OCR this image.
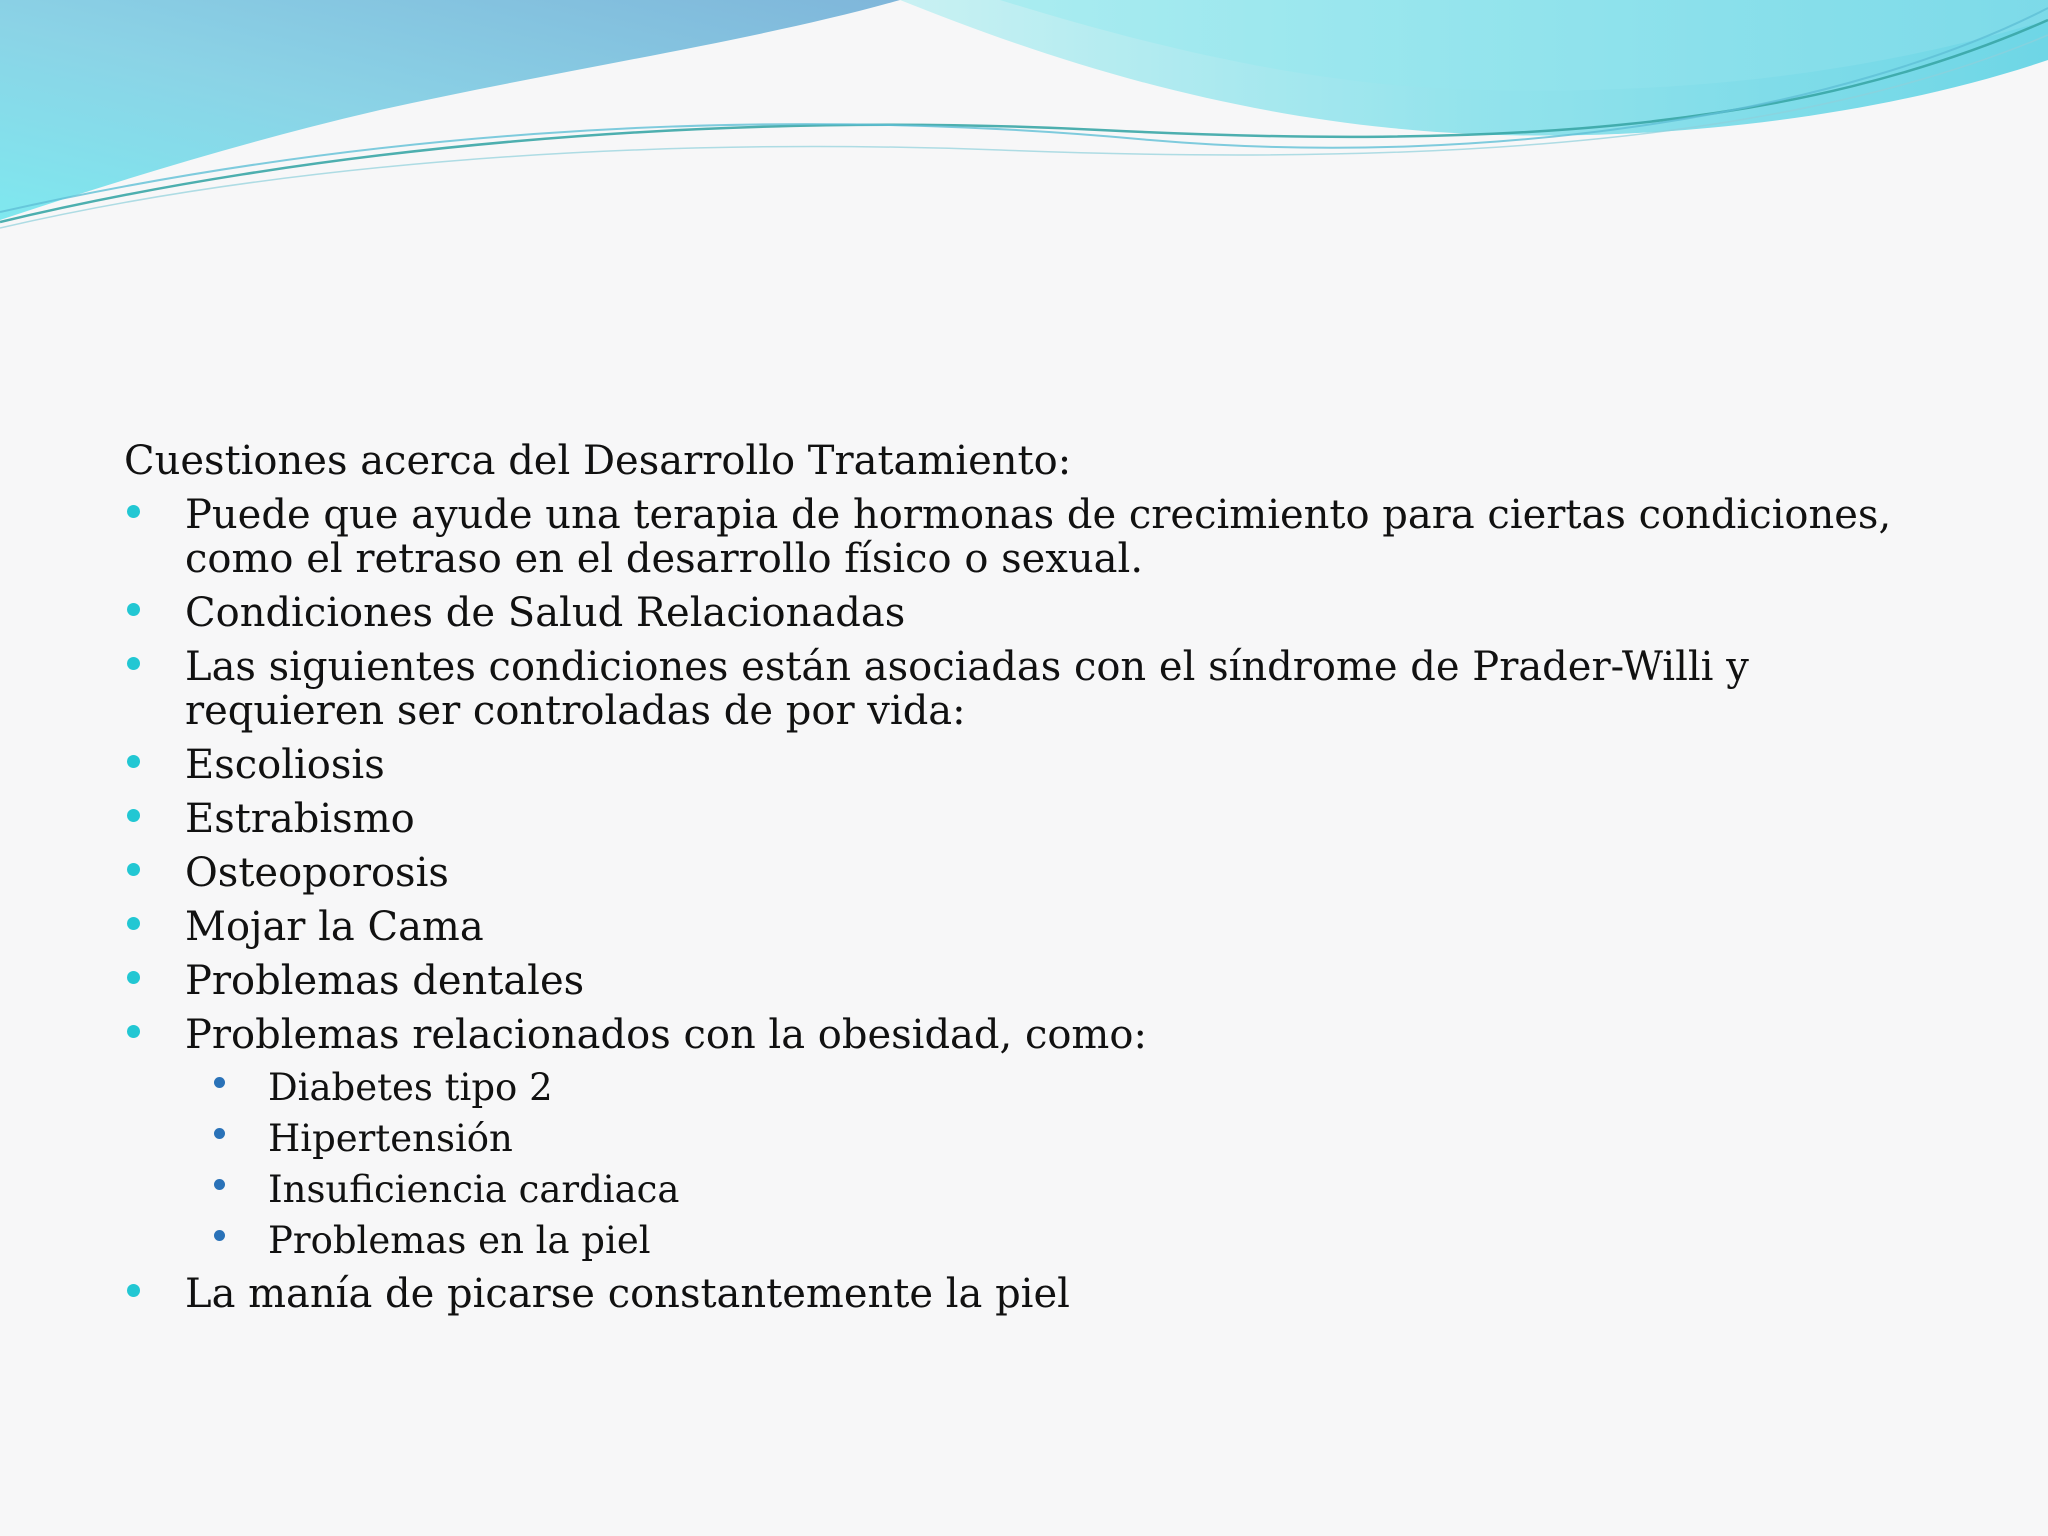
Cuestiones acerca del Desarrollo Tratamiento:

Puede que ayude una terapia de hormonas de crecimiento para ciertas condiciones, como el retraso en el desarrollo físico o sexual.
Condiciones de Salud Relacionadas
Las siguientes condiciones están asociadas con el síndrome de Prader-Willi y requieren ser controladas de por vida:
Escoliosis
Estrabismo
Osteoporosis
Mojar la Cama
Problemas dentales
Problemas relacionados con la obesidad, como:
Diabetes tipo 2
Hipertensión
Insuficiencia cardiaca
Problemas en la piel
La manía de picarse constantemente la piel
